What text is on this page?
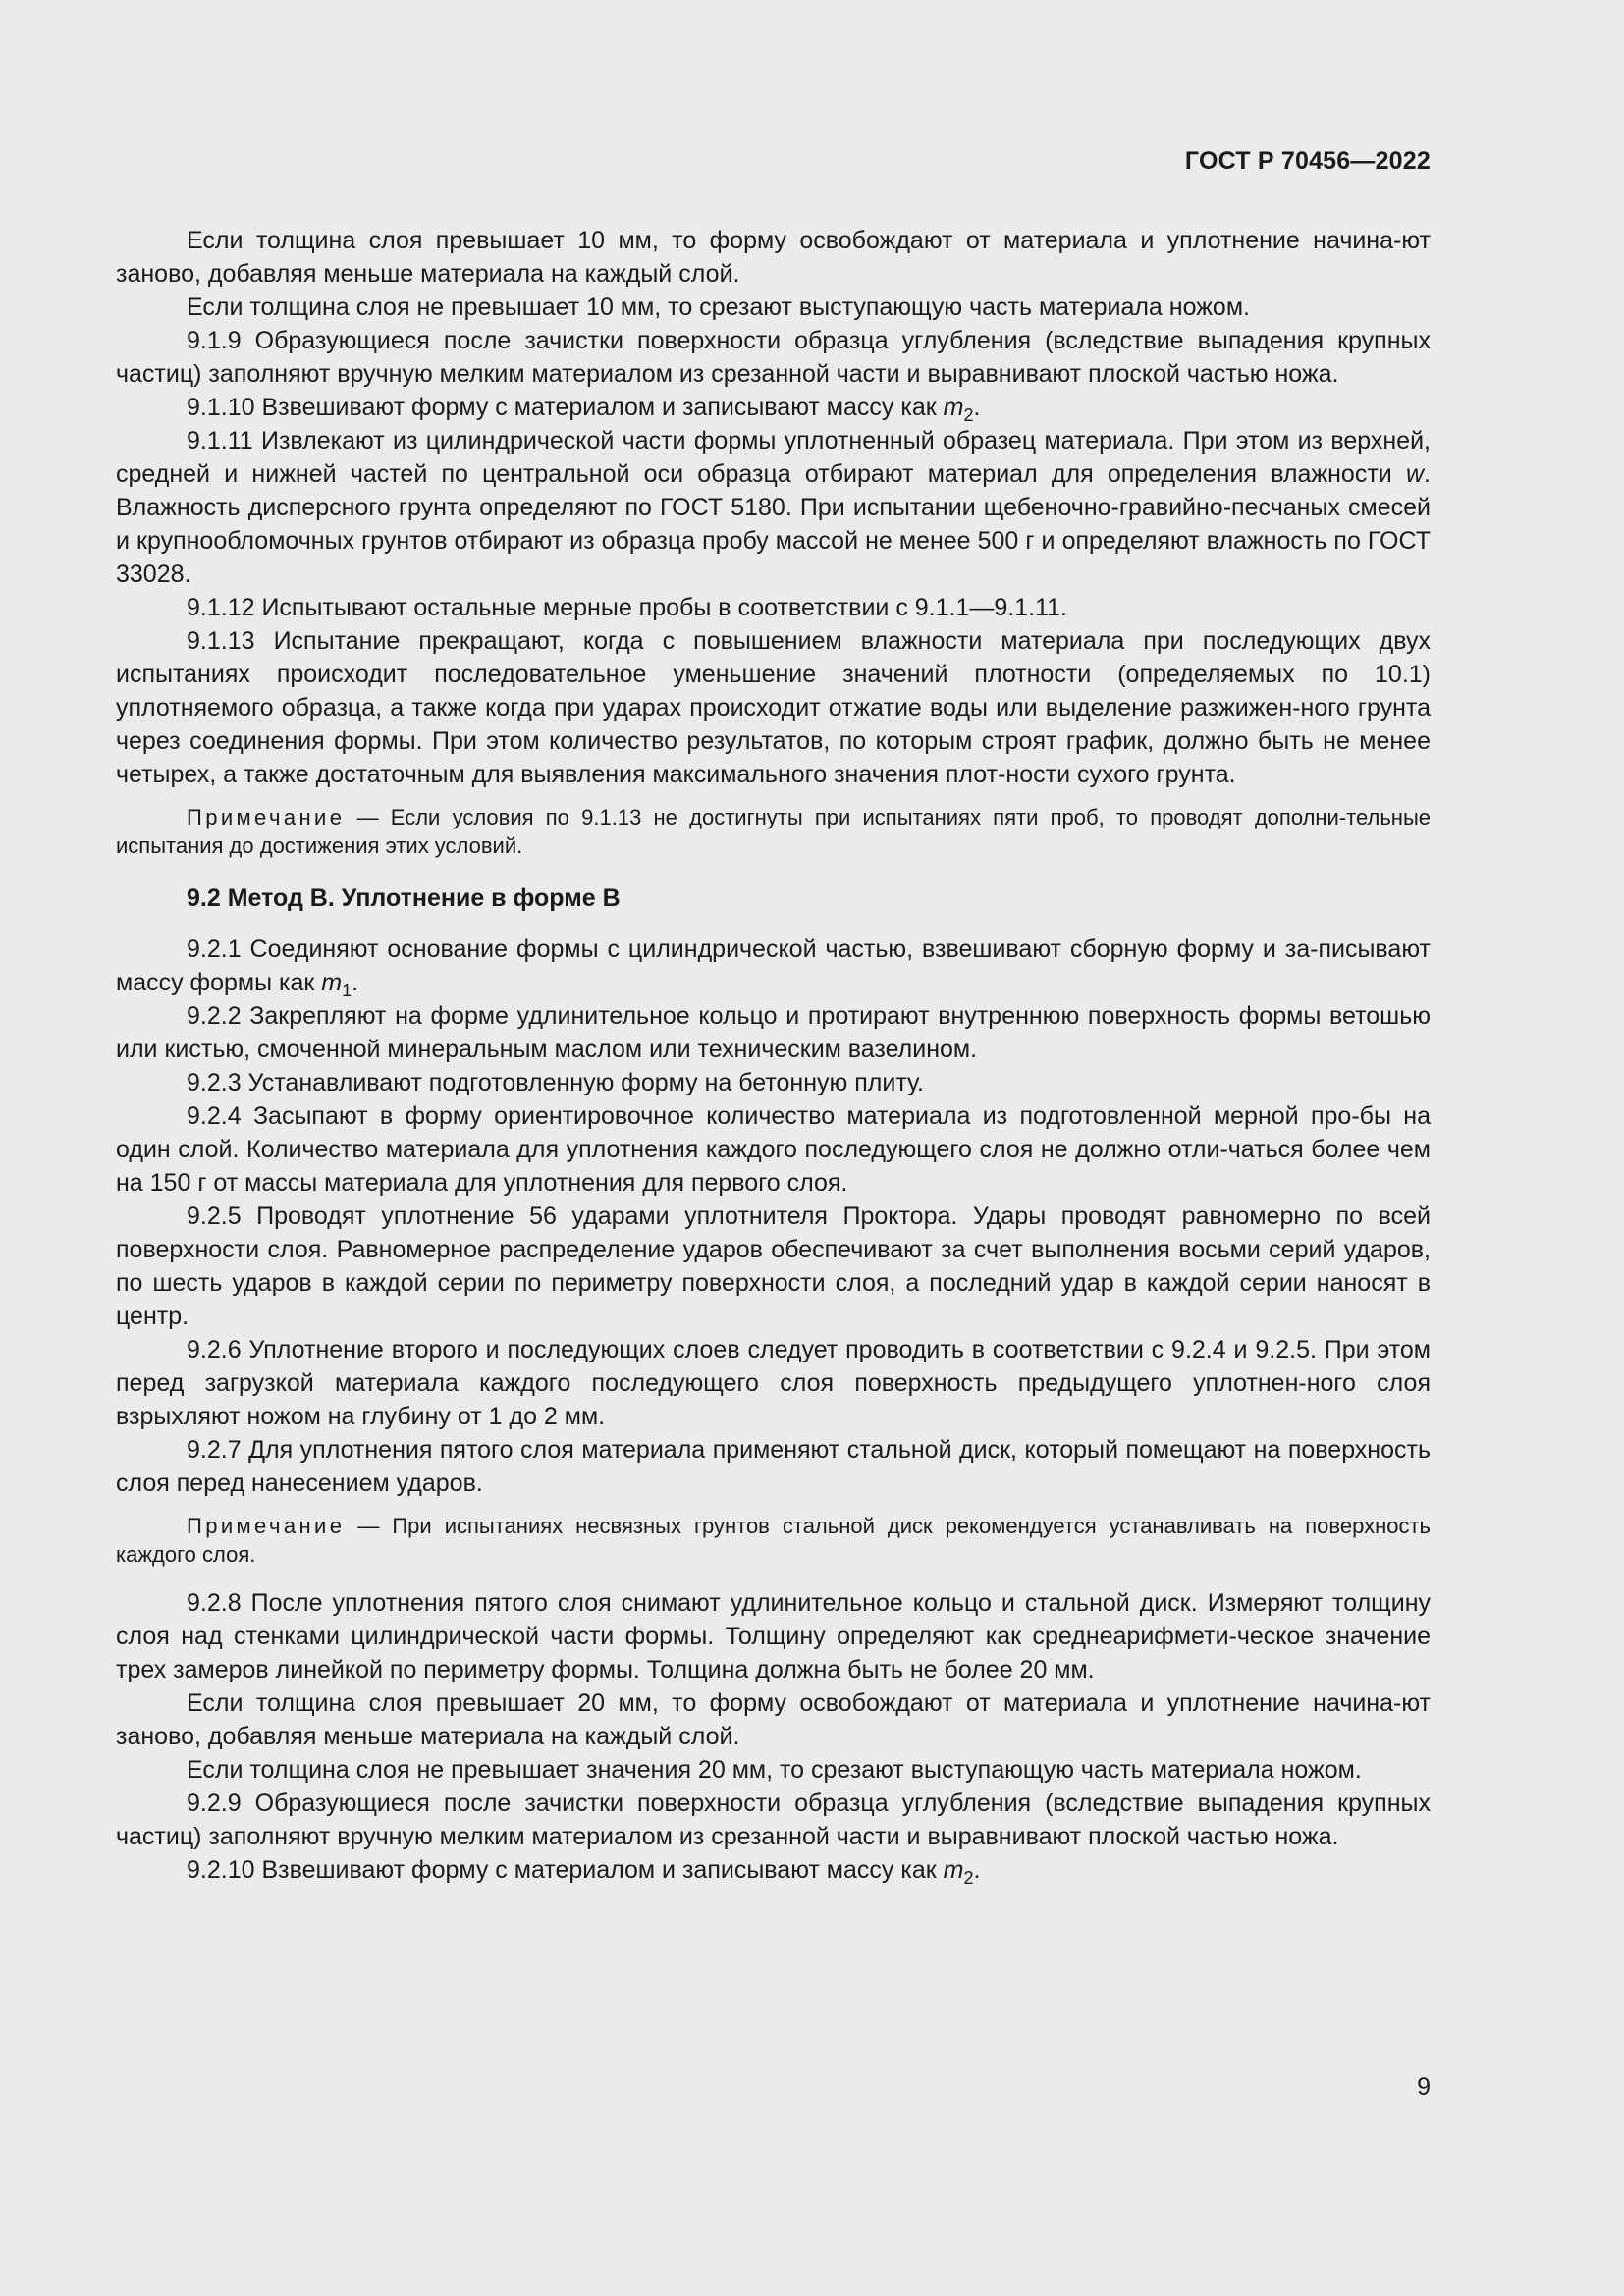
ГОСТ Р 70456—2022

Если толщина слоя превышает 10 мм, то форму освобождают от материала и уплотнение начина-ют заново, добавляя меньше материала на каждый слой.

Если толщина слоя не превышает 10 мм, то срезают выступающую часть материала ножом.

9.1.9 Образующиеся после зачистки поверхности образца углубления (вследствие выпадения крупных частиц) заполняют вручную мелким материалом из срезанной части и выравнивают плоской частью ножа.

9.1.10 Взвешивают форму с материалом и записывают массу как $m_2$.

9.1.11 Извлекают из цилиндрической части формы уплотненный образец материала. При этом из верхней, средней и нижней частей по центральной оси образца отбирают материал для определения влажности w. Влажность дисперсного грунта определяют по ГОСТ 5180. При испытании щебеночно-гравийно-песчаных смесей и крупнообломочных грунтов отбирают из образца пробу массой не менее 500 г и определяют влажность по ГОСТ 33028.

9.1.12 Испытывают остальные мерные пробы в соответствии с 9.1.1—9.1.11.

9.1.13 Испытание прекращают, когда с повышением влажности материала при последующих двух испытаниях происходит последовательное уменьшение значений плотности (определяемых по 10.1) уплотняемого образца, а также когда при ударах происходит отжатие воды или выделение разжижен-ного грунта через соединения формы. При этом количество результатов, по которым строят график, должно быть не менее четырех, а также достаточным для выявления максимального значения плот-ности сухого грунта.

Примечание — Если условия по 9.1.13 не достигнуты при испытаниях пяти проб, то проводят дополни-тельные испытания до достижения этих условий.

9.2 Метод В. Уплотнение в форме В

9.2.1 Соединяют основание формы с цилиндрической частью, взвешивают сборную форму и за-писывают массу формы как $m_1$.

9.2.2 Закрепляют на форме удлинительное кольцо и протирают внутреннюю поверхность формы ветошью или кистью, смоченной минеральным маслом или техническим вазелином.

9.2.3 Устанавливают подготовленную форму на бетонную плиту.

9.2.4 Засыпают в форму ориентировочное количество материала из подготовленной мерной про-бы на один слой. Количество материала для уплотнения каждого последующего слоя не должно отли-чаться более чем на 150 г от массы материала для уплотнения для первого слоя.

9.2.5 Проводят уплотнение 56 ударами уплотнителя Проктора. Удары проводят равномерно по всей поверхности слоя. Равномерное распределение ударов обеспечивают за счет выполнения восьми серий ударов, по шесть ударов в каждой серии по периметру поверхности слоя, а последний удар в каждой серии наносят в центр.

9.2.6 Уплотнение второго и последующих слоев следует проводить в соответствии с 9.2.4 и 9.2.5. При этом перед загрузкой материала каждого последующего слоя поверхность предыдущего уплотнен-ного слоя взрыхляют ножом на глубину от 1 до 2 мм.

9.2.7 Для уплотнения пятого слоя материала применяют стальной диск, который помещают на поверхность слоя перед нанесением ударов.

Примечание — При испытаниях несвязных грунтов стальной диск рекомендуется устанавливать на поверхность каждого слоя.

9.2.8 После уплотнения пятого слоя снимают удлинительное кольцо и стальной диск. Измеряют толщину слоя над стенками цилиндрической части формы. Толщину определяют как среднеарифмети-ческое значение трех замеров линейкой по периметру формы. Толщина должна быть не более 20 мм.

Если толщина слоя превышает 20 мм, то форму освобождают от материала и уплотнение начина-ют заново, добавляя меньше материала на каждый слой.

Если толщина слоя не превышает значения 20 мм, то срезают выступающую часть материала ножом.

9.2.9 Образующиеся после зачистки поверхности образца углубления (вследствие выпадения крупных частиц) заполняют вручную мелким материалом из срезанной части и выравнивают плоской частью ножа.

9.2.10 Взвешивают форму с материалом и записывают массу как $m_2$.

9
